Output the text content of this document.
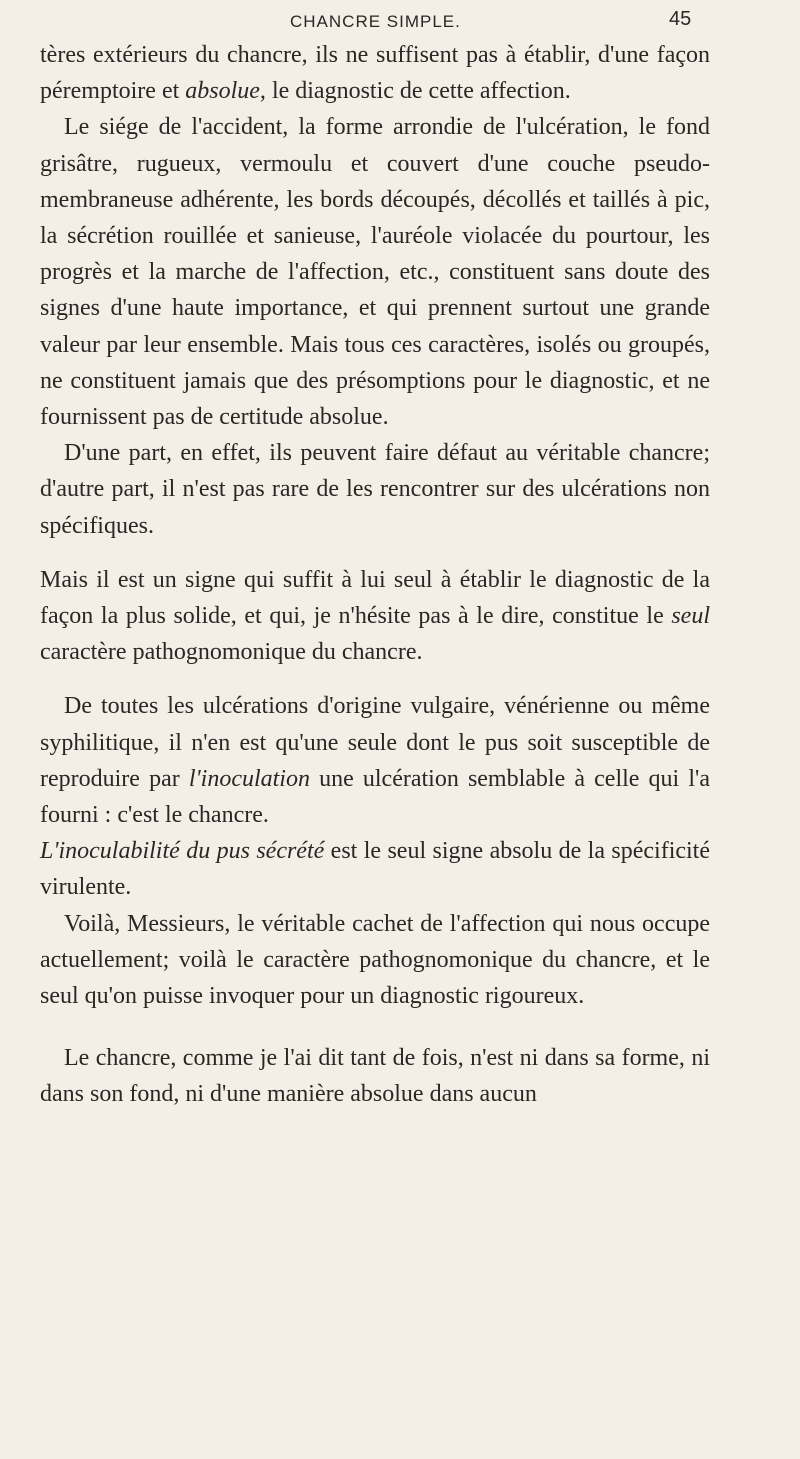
CHANCRE SIMPLE.	45

tères extérieurs du chancre, ils ne suffisent pas à établir, d'une façon péremptoire et absolue, le diagnostic de cette affection.

Le siége de l'accident, la forme arrondie de l'ulcération, le fond grisâtre, rugueux, vermoulu et couvert d'une couche pseudo-membraneuse adhérente, les bords découpés, décollés et taillés à pic, la sécrétion rouillée et sanieuse, l'auréole violacée du pourtour, les progrès et la marche de l'affection, etc., constituent sans doute des signes d'une haute importance, et qui prennent surtout une grande valeur par leur ensemble. Mais tous ces caractères, isolés ou groupés, ne constituent jamais que des présomptions pour le diagnostic, et ne fournissent pas de certitude absolue.

D'une part, en effet, ils peuvent faire défaut au véritable chancre; d'autre part, il n'est pas rare de les rencontrer sur des ulcérations non spécifiques.

Mais il est un signe qui suffit à lui seul à établir le diagnostic de la façon la plus solide, et qui, je n'hésite pas à le dire, constitue le seul caractère pathognomonique du chancre.

De toutes les ulcérations d'origine vulgaire, vénérienne ou même syphilitique, il n'en est qu'une seule dont le pus soit susceptible de reproduire par l'inoculation une ulcération semblable à celle qui l'a fourni : c'est le chancre.

L'inoculabilité du pus sécrété est le seul signe absolu de la spécificité virulente.

Voilà, Messieurs, le véritable cachet de l'affection qui nous occupe actuellement; voilà le caractère pathognomonique du chancre, et le seul qu'on puisse invoquer pour un diagnostic rigoureux.

Le chancre, comme je l'ai dit tant de fois, n'est ni dans sa forme, ni dans son fond, ni d'une manière absolue dans aucun
